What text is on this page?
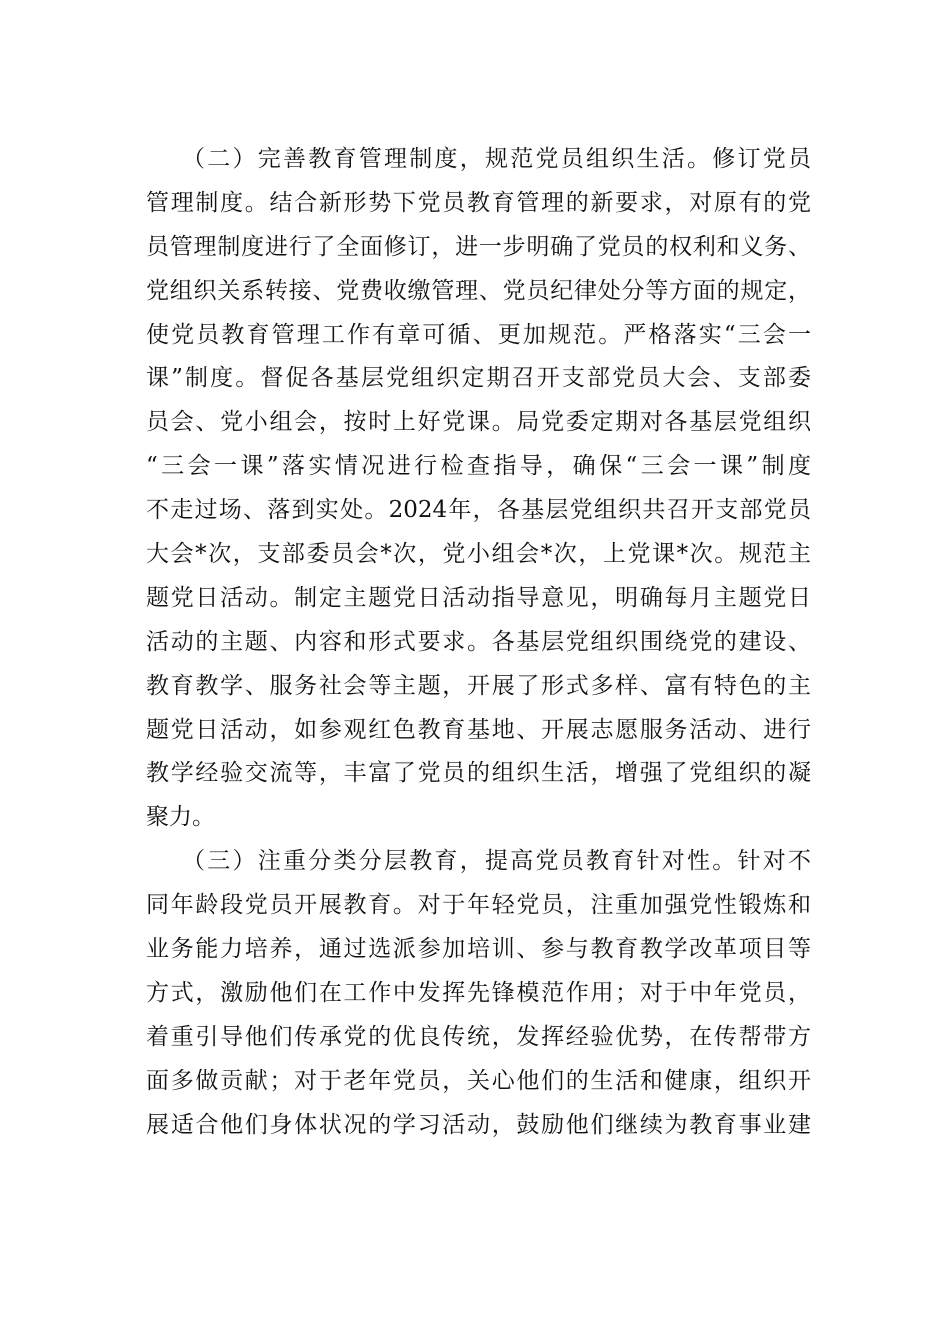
（二）完善教育管理制度，规范党员组织生活。修订党员
管理制度。结合新形势下党员教育管理的新要求，对原有的党
员管理制度进行了全面修订，进一步明确了党员的权利和义务、
党组织关系转接、党费收缴管理、党员纪律处分等方面的规定，
使党员教育管理工作有章可循、更加规范。严格落实“三会一
课”制度。督促各基层党组织定期召开支部党员大会、支部委
员会、党小组会，按时上好党课。局党委定期对各基层党组织
“三会一课”落实情况进行检查指导，确保“三会一课”制度
不走过场、落到实处。2024年，各基层党组织共召开支部党员
大会*次，支部委员会*次，党小组会*次，上党课*次。规范主
题党日活动。制定主题党日活动指导意见，明确每月主题党日
活动的主题、内容和形式要求。各基层党组织围绕党的建设、
教育教学、服务社会等主题，开展了形式多样、富有特色的主
题党日活动，如参观红色教育基地、开展志愿服务活动、进行
教学经验交流等，丰富了党员的组织生活，增强了党组织的凝
聚力。
（三）注重分类分层教育，提高党员教育针对性。针对不
同年龄段党员开展教育。对于年轻党员，注重加强党性锻炼和
业务能力培养，通过选派参加培训、参与教育教学改革项目等
方式，激励他们在工作中发挥先锋模范作用；对于中年党员，
着重引导他们传承党的优良传统，发挥经验优势，在传帮带方
面多做贡献；对于老年党员，关心他们的生活和健康，组织开
展适合他们身体状况的学习活动，鼓励他们继续为教育事业建
